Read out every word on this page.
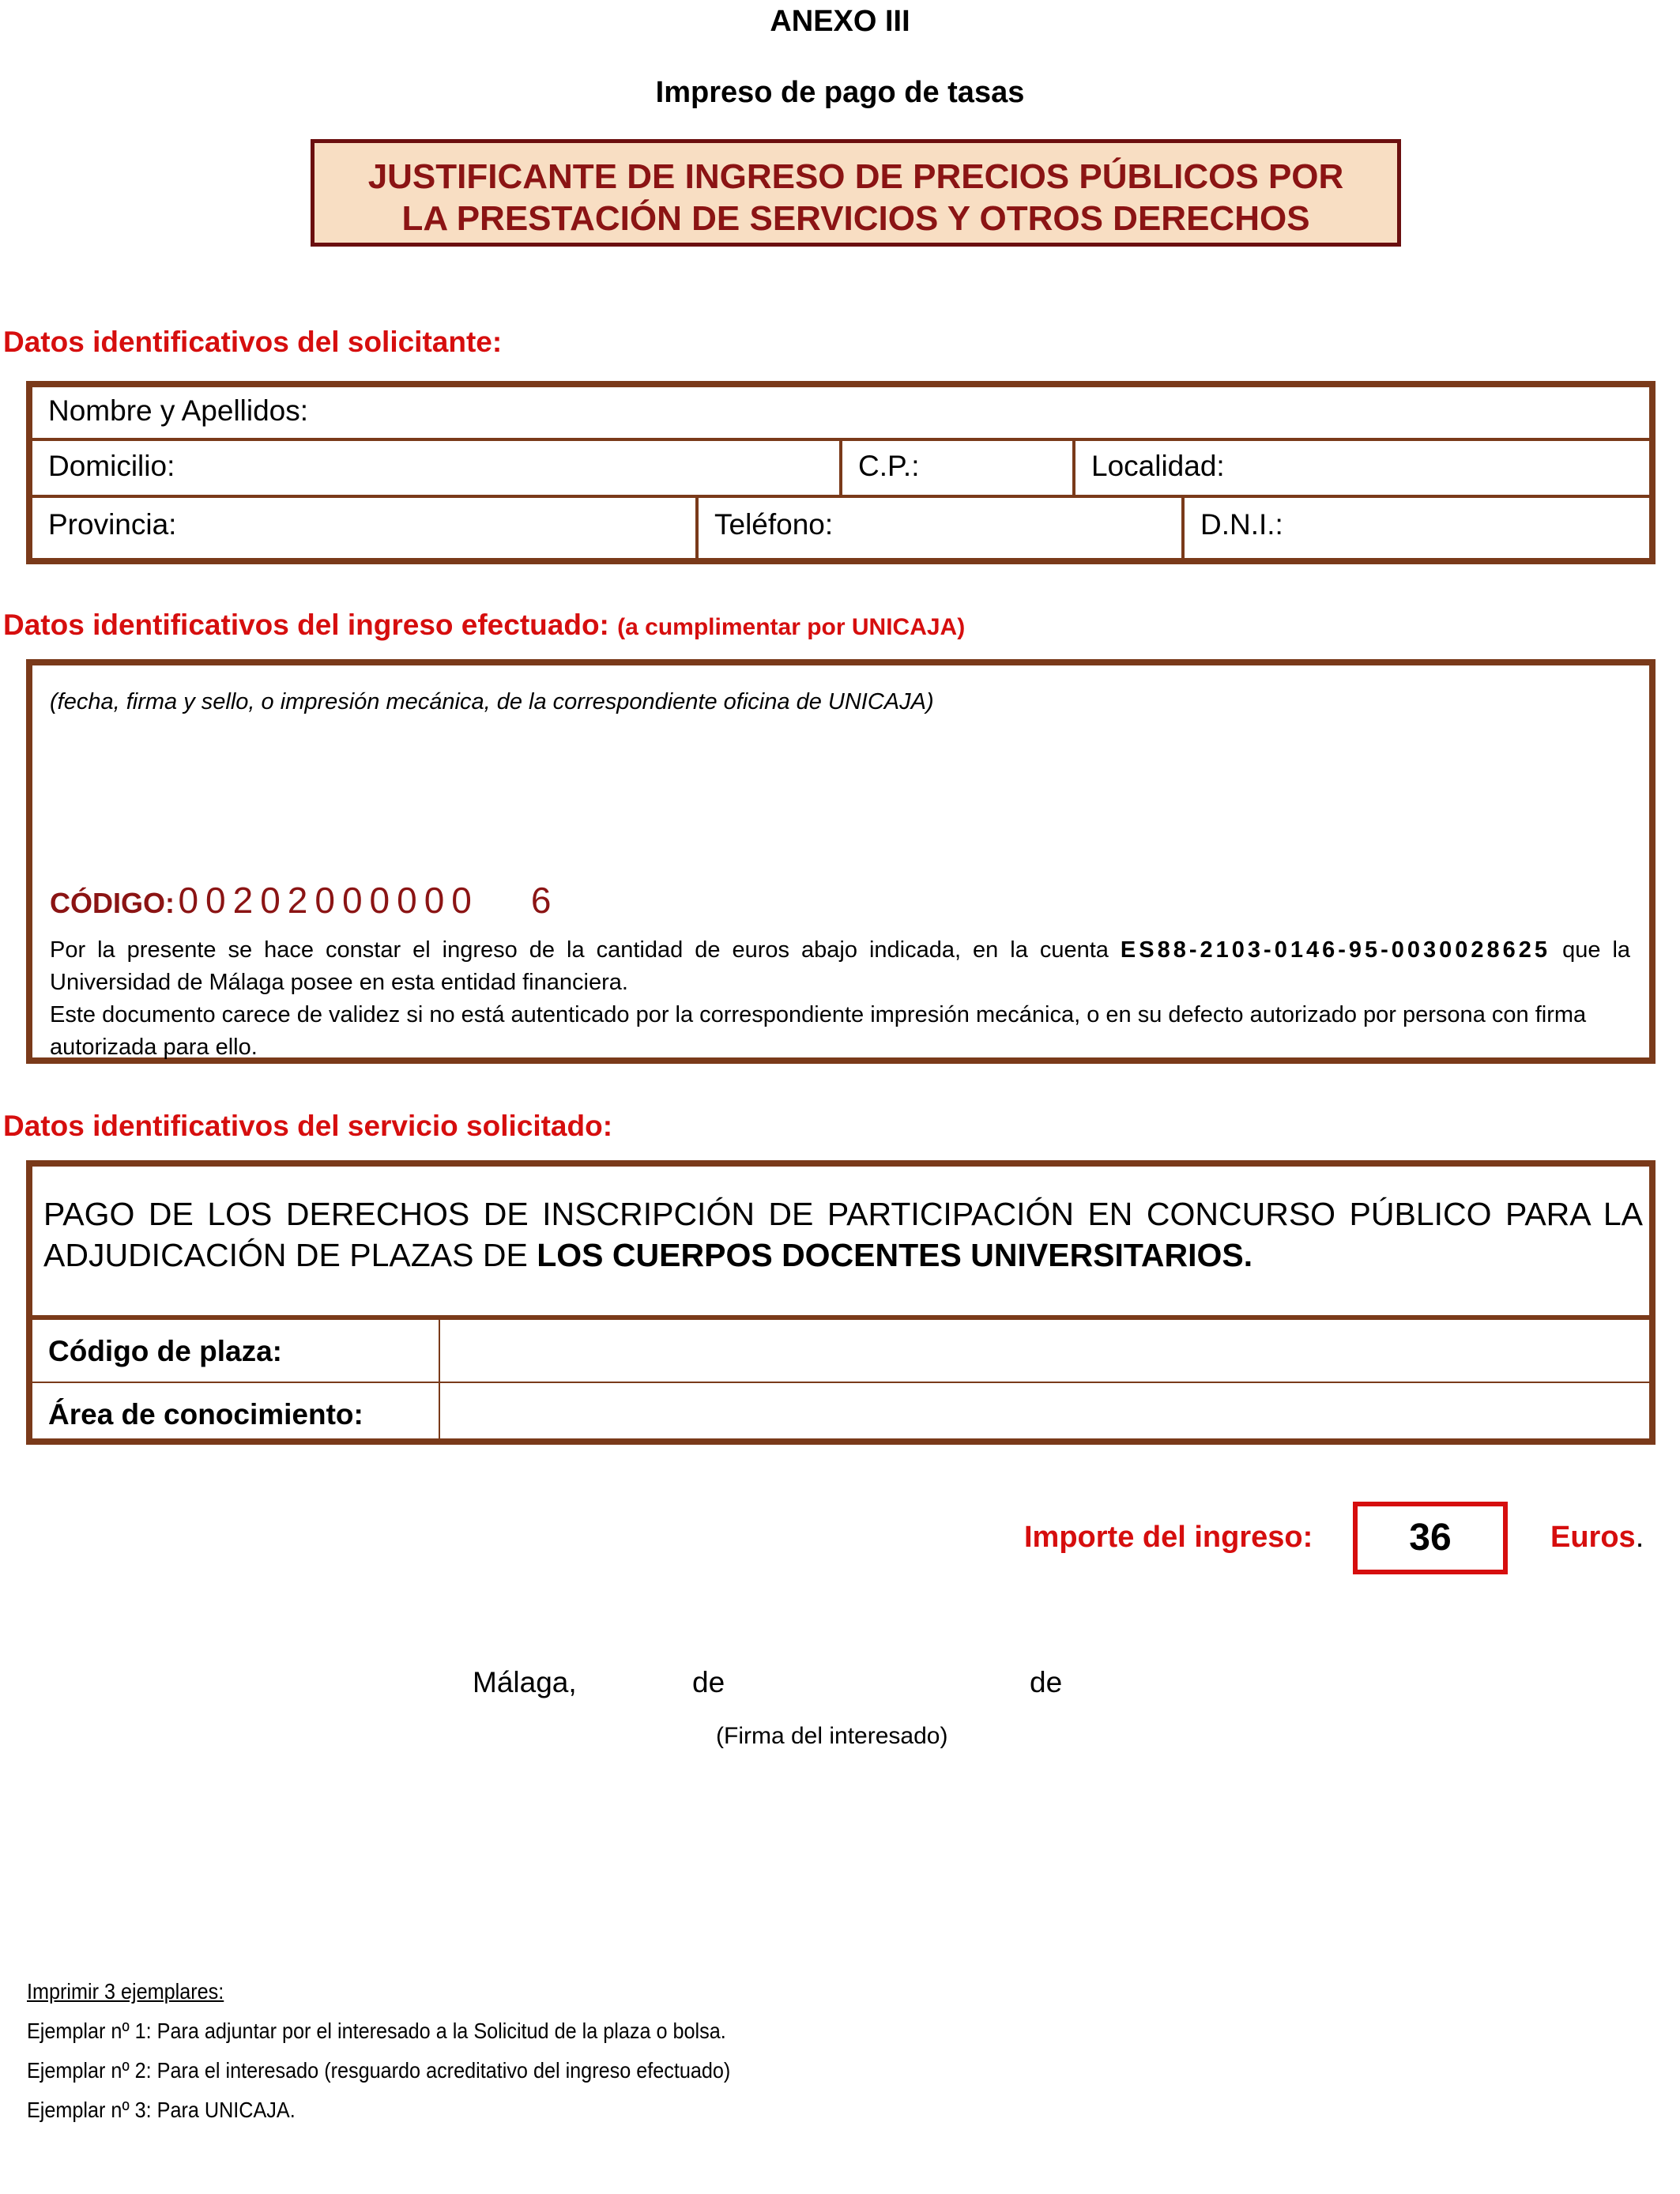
ANEXO III
Impreso de pago de tasas
JUSTIFICANTE DE INGRESO DE PRECIOS PÚBLICOS POR
LA PRESTACIÓN DE SERVICIOS Y OTROS DERECHOS
Datos identificativos del solicitante:
Nombre y Apellidos:
Domicilio:	C.P.:	Localidad:
Provincia:	Teléfono:	D.N.I.:
Datos identificativos del ingreso efectuado: (a cumplimentar por UNICAJA)
(fecha, firma y sello, o impresión mecánica, de la correspondiente oficina de UNICAJA)
CÓDIGO: 00202000000 6
Por la presente se hace constar el ingreso de la cantidad de euros abajo indicada, en la cuenta ES88-2103-0146-95-0030028625 que la Universidad de Málaga posee en esta entidad financiera.
Este documento carece de validez si no está autenticado por la correspondiente impresión mecánica, o en su defecto autorizado por persona con firma autorizada para ello.
Datos identificativos del servicio solicitado:
PAGO DE LOS DERECHOS DE INSCRIPCIÓN DE PARTICIPACIÓN EN CONCURSO PÚBLICO PARA LA ADJUDICACIÓN DE PLAZAS DE LOS CUERPOS DOCENTES UNIVERSITARIOS.
Código de plaza:
Área de conocimiento:
Importe del ingreso:	36	Euros.
Málaga,	de	de
(Firma del interesado)
Imprimir 3 ejemplares:
Ejemplar nº 1: Para adjuntar por el interesado a la Solicitud de la plaza o bolsa.
Ejemplar nº 2: Para el interesado (resguardo acreditativo del ingreso efectuado)
Ejemplar nº 3: Para UNICAJA.
